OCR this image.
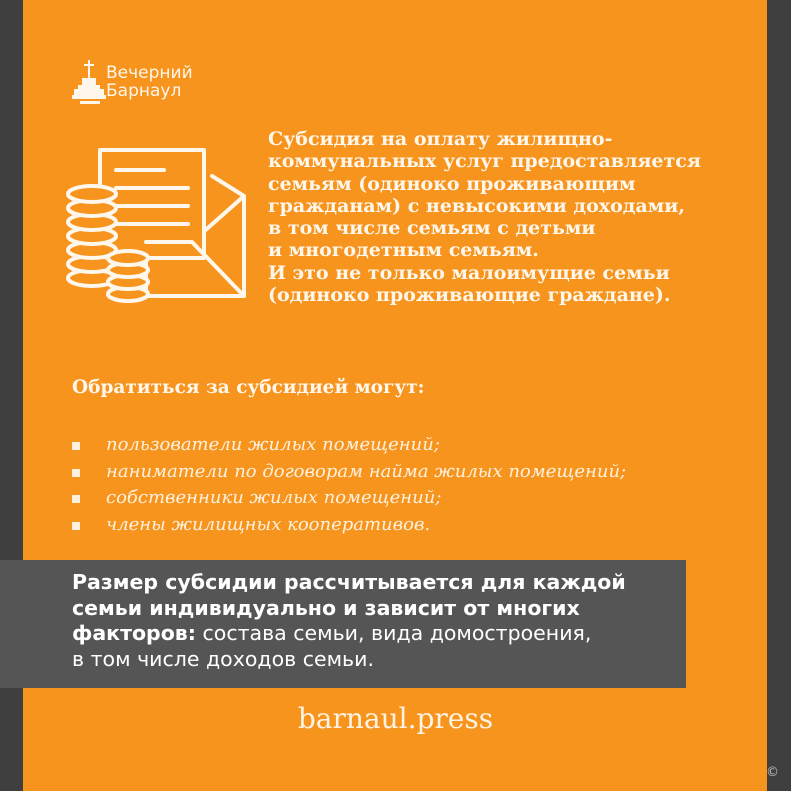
Вечерний
Барнаул

Субсидия на оплату жилищно-
коммунальных услуг предоставляется
семьям (одиноко проживающим
гражданам) с невысокими доходами,
в том числе семьям с детьми
и многодетным семьям.
И это не только малоимущие семьи
(одиноко проживающие граждане).

Обратиться за субсидией могут:
пользователи жилых помещений;
наниматели по договорам найма жилых помещений;
собственники жилых помещений;
члены жилищных кооперативов.

Размер субсидии рассчитывается для каждой
семьи индивидуально и зависит от многих
факторов: состава семьи, вида домостроения,
в том числе доходов семьи.

barnaul.press
©
